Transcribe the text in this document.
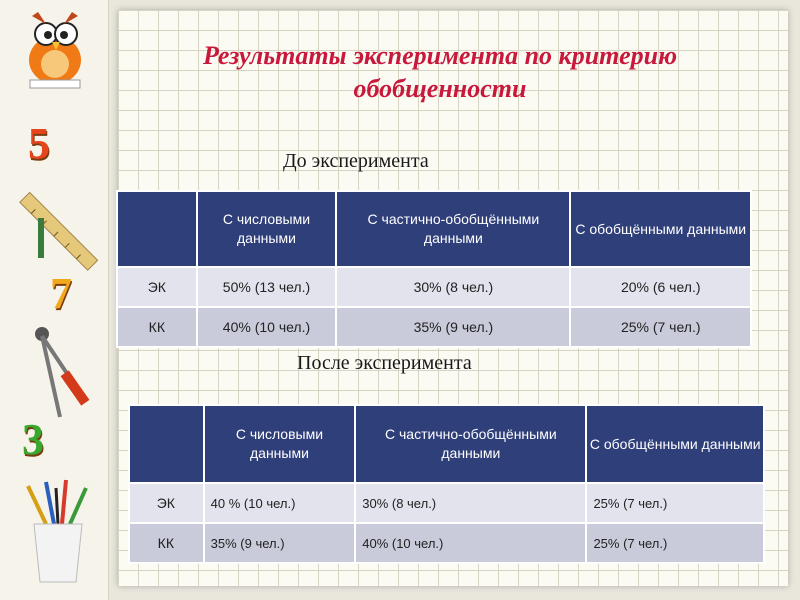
5
7
3
Результаты эксперимента по критерию
обобщенности

До эксперимента

	С числовыми данными	С частично-обобщёнными данными	С обобщёнными данными
ЭК	50% (13 чел.)	30% (8 чел.)	20% (6 чел.)
КК	40% (10 чел.)	35% (9 чел.)	25% (7 чел.)

После эксперимента

	С числовыми данными	С частично-обобщёнными данными	С обобщёнными данными
ЭК	40 % (10 чел.)	30% (8 чел.)	25% (7 чел.)
КК	35% (9 чел.)	40% (10 чел.)	25% (7 чел.)
